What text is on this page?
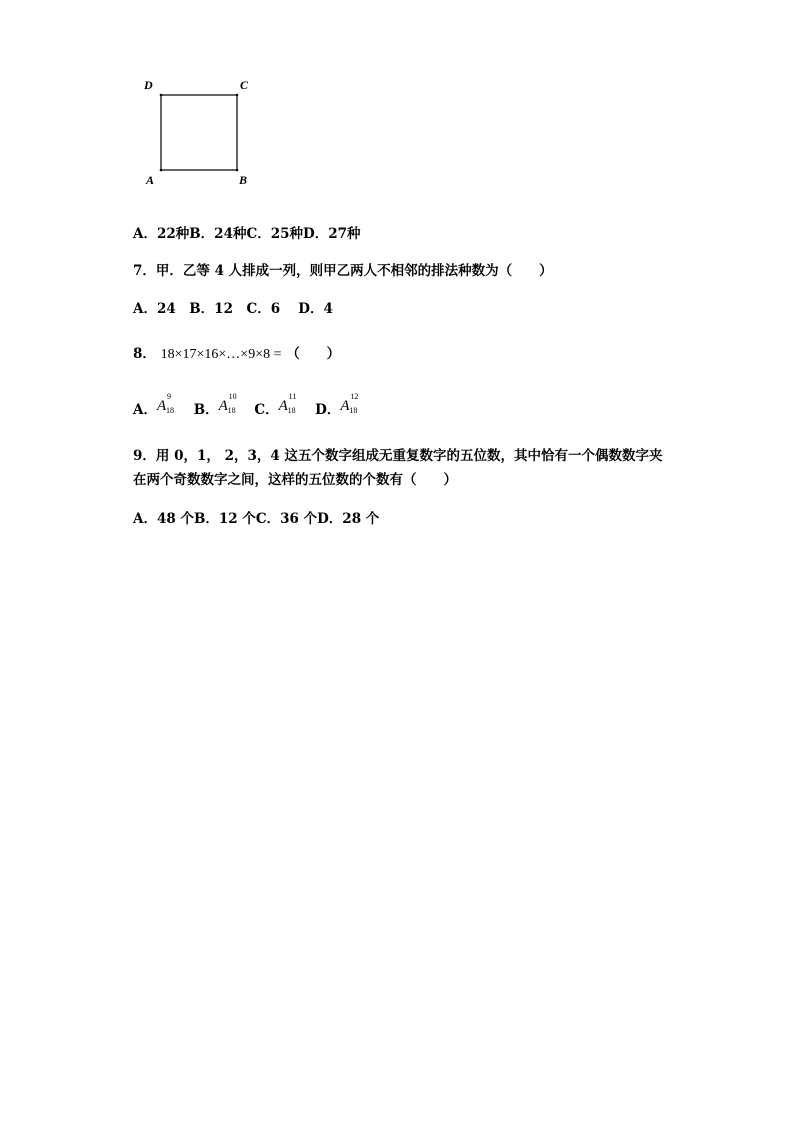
D	C
A	B
A．22种B．24种C．25种D．27种
7．甲．乙等 4 人排成一列，则甲乙两人不相邻的排法种数为（　　）
A．24　B．12　C．6　 D．4
8． 18×17×16×…×9×8 = （　　）
A． A
9
18 B． A
10
18 C． A
11
18 D． A
12
18
9．用 0，1， 2，3，4 这五个数字组成无重复数字的五位数，其中恰有一个偶数数字夹
在两个奇数数字之间，这样的五位数的个数有（　　）
A．48 个B．12 个C．36 个D．28 个
